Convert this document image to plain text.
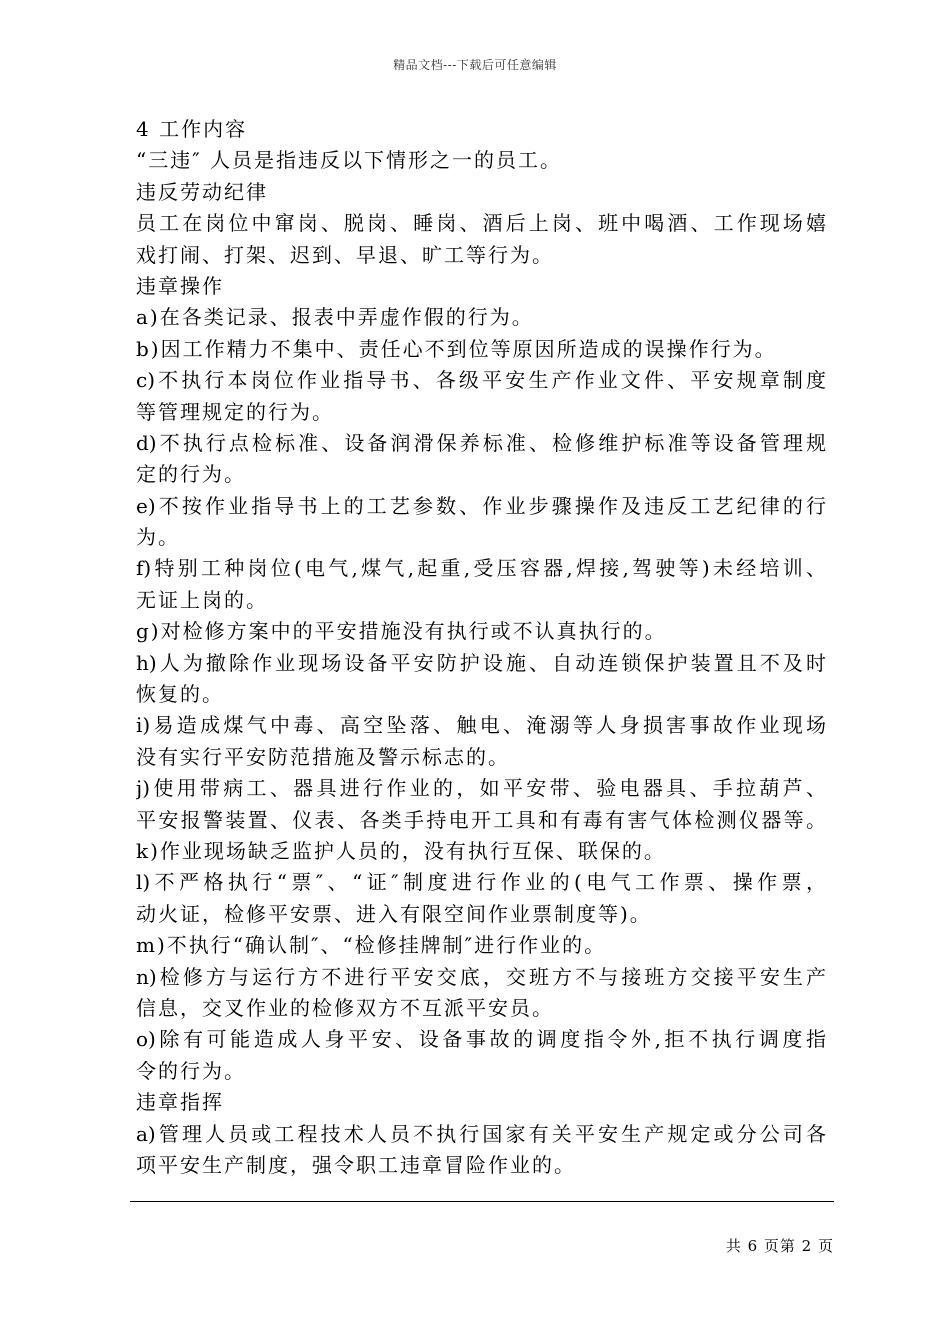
精品文档---下载后可任意编辑
4 工作内容
“三违″ 人员是指违反以下情形之一的员工。
违反劳动纪律
员工在岗位中窜岗、脱岗、睡岗、酒后上岗、班中喝酒、工作现场嬉
戏打闹、打架、迟到、早退、旷工等行为。
违章操作
a)在各类记录、报表中弄虚作假的行为。
b)因工作精力不集中、责任心不到位等原因所造成的误操作行为。
c)不执行本岗位作业指导书、各级平安生产作业文件、平安规章制度
等管理规定的行为。
d)不执行点检标准、设备润滑保养标准、检修维护标准等设备管理规
定的行为。
e)不按作业指导书上的工艺参数、作业步骤操作及违反工艺纪律的行
为。
f)特别工种岗位(电气,煤气,起重,受压容器,焊接,驾驶等)未经培训、
无证上岗的。
g)对检修方案中的平安措施没有执行或不认真执行的。
h)人为撤除作业现场设备平安防护设施、自动连锁保护装置且不及时
恢复的。
i)易造成煤气中毒、高空坠落、触电、淹溺等人身损害事故作业现场
没有实行平安防范措施及警示标志的。
j)使用带病工、器具进行作业的，如平安带、验电器具、手拉葫芦、
平安报警装置、仪表、各类手持电开工具和有毒有害气体检测仪器等。
k)作业现场缺乏监护人员的，没有执行互保、联保的。
l)不严格执行“票″、“证″制度进行作业的(电气工作票、操作票，
动火证，检修平安票、进入有限空间作业票制度等)。
m)不执行“确认制″、“检修挂牌制″进行作业的。
n)检修方与运行方不进行平安交底，交班方不与接班方交接平安生产
信息，交叉作业的检修双方不互派平安员。
o)除有可能造成人身平安、设备事故的调度指令外,拒不执行调度指
令的行为。
违章指挥
a)管理人员或工程技术人员不执行国家有关平安生产规定或分公司各
项平安生产制度，强令职工违章冒险作业的。
共 6 页第 2 页
